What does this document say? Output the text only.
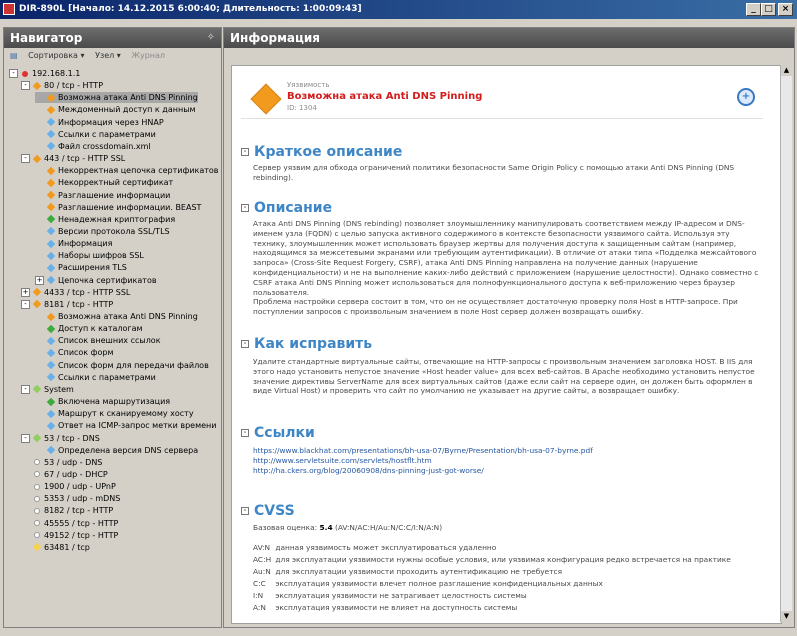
DIR-890L [Начало: 14.12.2015 6:00:40; Длительность: 1:00:09:43]	_ □ ×
Навигатор	✧
▤ Сортировка ▾ Узел ▾ Журнал
- 192.168.1.1
- 80 / tcp - HTTP
Возможна атака Anti DNS Pinning
Междоменный доступ к данным
Информация через HNAP
Ссылки с параметрами
Файл crossdomain.xml
- 443 / tcp - HTTP SSL
Некорректная цепочка сертификатов
Некорректный сертификат
Разглашение информации
Разглашение информации. BEAST
Ненадежная криптография
Версии протокола SSL/TLS
Информация
Наборы шифров SSL
Расширения TLS
+ Цепочка сертификатов
+ 4433 / tcp - HTTP SSL
- 8181 / tcp - HTTP
Возможна атака Anti DNS Pinning
Доступ к каталогам
Список внешних ссылок
Список форм
Список форм для передачи файлов
Ссылки с параметрами
- System
Включена маршрутизация
Маршрут к сканируемому хосту
Ответ на ICMP-запрос метки времени
- 53 / tcp - DNS
Определена версия DNS сервера
53 / udp - DNS
67 / udp - DHCP
1900 / udp - UPnP
5353 / udp - mDNS
8182 / tcp - HTTP
45555 / tcp - HTTP
49152 / tcp - HTTP
63481 / tcp
Информация
Уязвимость
Возможна атака Anti DNS Pinning
ID: 1304
+
- Краткое описание
Сервер уязвим для обхода ограничений политики безопасности Same Origin Policy с помощью атаки Anti DNS Pinning (DNS rebinding).
- Описание
Атака Anti DNS Pinning (DNS rebinding) позволяет злоумышленнику манипулировать соответствием между IP-адресом и DNS-именем узла (FQDN) с целью запуска активного содержимого в контексте безопасности уязвимого сайта. Используя эту технику, злоумышленник может использовать браузер жертвы для получения доступа к защищенным сайтам (например, находящимся за межсетевыми экранами или требующим аутентификации). В отличие от атаки типа «Подделка межсайтового запроса» (Cross-Site Request Forgery, CSRF), атака Anti DNS Pinning направлена на получение данных (нарушение конфиденциальности) и не на выполнение каких-либо действий с приложением (нарушение целостности). Однако совместно с CSRF атака Anti DNS Pinning может использоваться для полнофункционального доступа к веб-приложению через браузер пользователя.
Проблема настройки сервера состоит в том, что он не осуществляет достаточную проверку поля Host в HTTP-запросе. При поступлении запросов с произвольным значением в поле Host сервер должен возвращать ошибку.
- Как исправить
Удалите стандартные виртуальные сайты, отвечающие на HTTP-запросы с произвольным значением заголовка HOST. В IIS для этого надо установить непустое значение «Host header value» для всех веб-сайтов. В Apache необходимо установить непустое значение директивы ServerName для всех виртуальных сайтов (даже если сайт на сервере один, он должен быть оформлен в виде Virtual Host) и проверить что сайт по умолчанию не указывает на другие сайты, а возвращает ошибку.
- Ссылки
https://www.blackhat.com/presentations/bh-usa-07/Byrne/Presentation/bh-usa-07-byrne.pdf
http://www.servletsuite.com/servlets/hostflt.htm
http://ha.ckers.org/blog/20060908/dns-pinning-just-got-worse/
- CVSS
Базовая оценка: 5.4 (AV:N/AC:H/Au:N/C:C/I:N/A:N)
AV:N данная уязвимость может эксплуатироваться удаленно
AC:H для эксплуатации уязвимости нужны особые условия, или уязвимая конфигурация редко встречается на практике
Au:N для эксплуатации уязвимости проходить аутентификацию не требуется
C:C эксплуатация уязвимости влечет полное разглашение конфиденциальных данных
I:N эксплуатация уязвимости не затрагивает целостность системы
A:N эксплуатация уязвимости не влияет на доступность системы
▲
▼
